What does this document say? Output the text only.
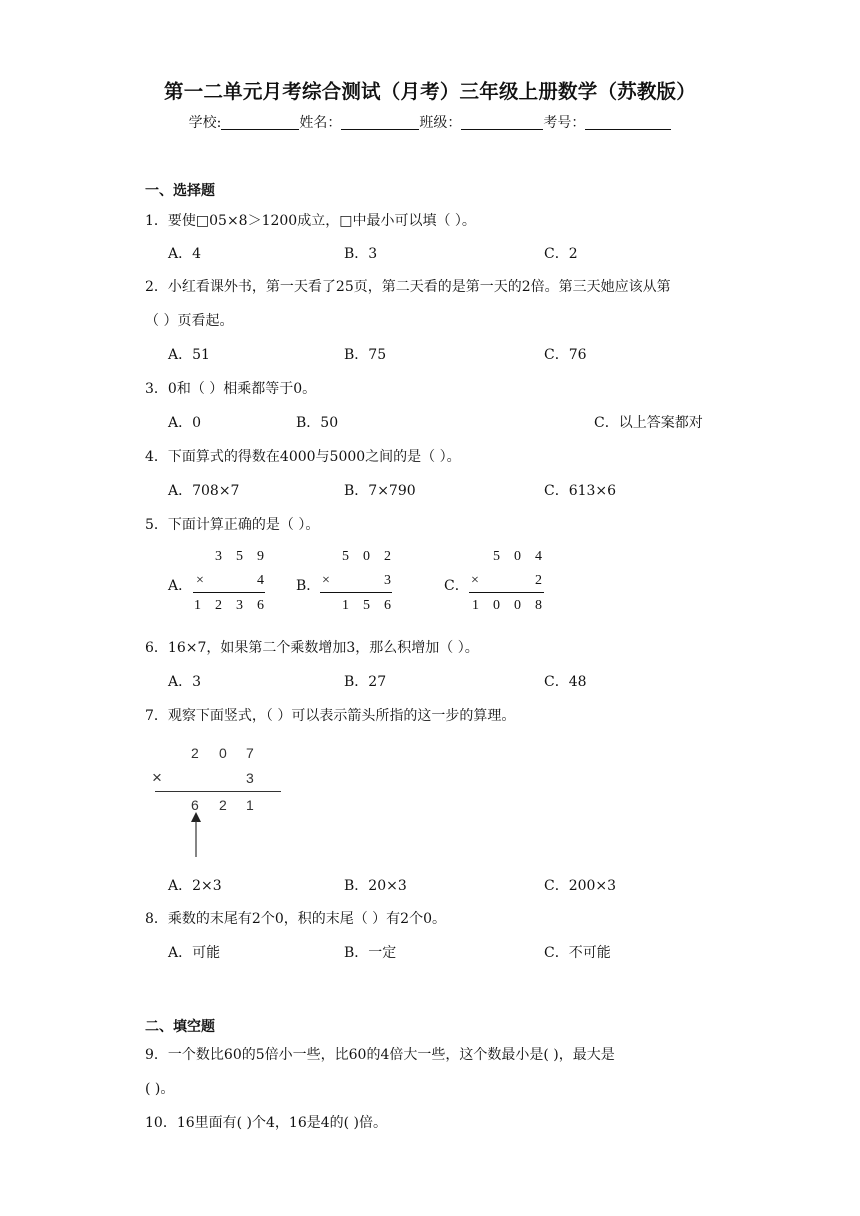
第一二单元月考综合测试（月考）三年级上册数学（苏教版）
学校:	姓名：	班级：	考号：
一、选择题
1．要使□05×8＞1200成立，□中最小可以填（ ）。
A．4	B．3	C．2
2．小红看课外书，第一天看了25页，第二天看的是第一天的2倍。第三天她应该从第
（ ）页看起。
A．51	B．75	C．76
3．0和（ ）相乘都等于0。
A．0	B．50	C．以上答案都对
4．下面算式的得数在4000与5000之间的是（ ）。
A．708×7	B．7×790	C．613×6
5．下面计算正确的是（ ）。
A．
3 5 9
×	4
1 2 3 6
B．
5 0 2
×	3
1 5 6
C．
5 0 4
×	2
1 0 0 8
6．16×7，如果第二个乘数增加3，那么积增加（ ）。
A．3	B．27	C．48
7．观察下面竖式，（ ）可以表示箭头所指的这一步的算理。
2 0 7
×	3
6 2 1
A．2×3	B．20×3	C．200×3
8．乘数的末尾有2个0，积的末尾（ ）有2个0。
A．可能	B．一定	C．不可能
二、填空题
9．一个数比60的5倍小一些，比60的4倍大一些，这个数最小是( )，最大是
( )。
10．16里面有( )个4，16是4的( )倍。
